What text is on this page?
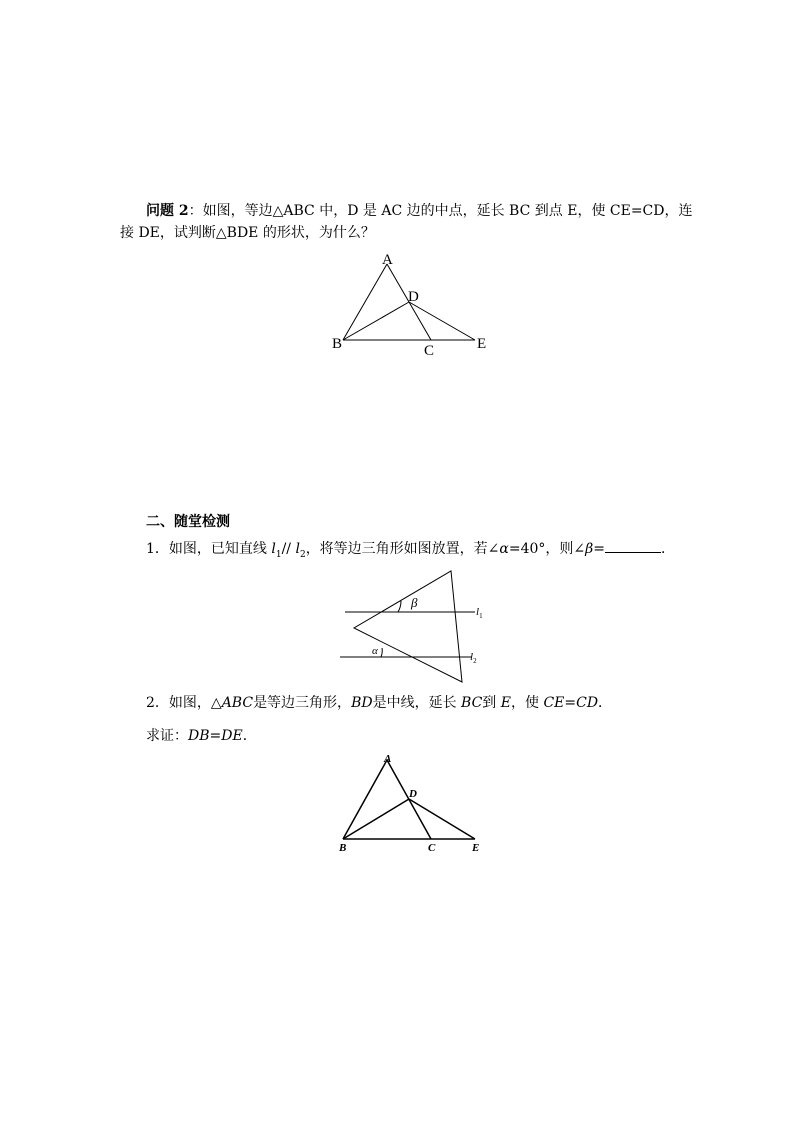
问题 2：如图，等边△ABC 中，D 是 AC 边的中点，延长 BC 到点 E，使 CE=CD，连
接 DE，试判断△BDE 的形状，为什么？
A
D
B	C	E
二、随堂检测
1．如图，已知直线 $l_1//$ $l_2$，将等边三角形如图放置，若∠α=40°，则∠β=	．
β
α
$l_1$
$l_2$
2．如图，△ABC是等边三角形，BD是中线，延长 BC到 E，使 CE=CD．
求证：DB=DE．
A
D
B	C	E
